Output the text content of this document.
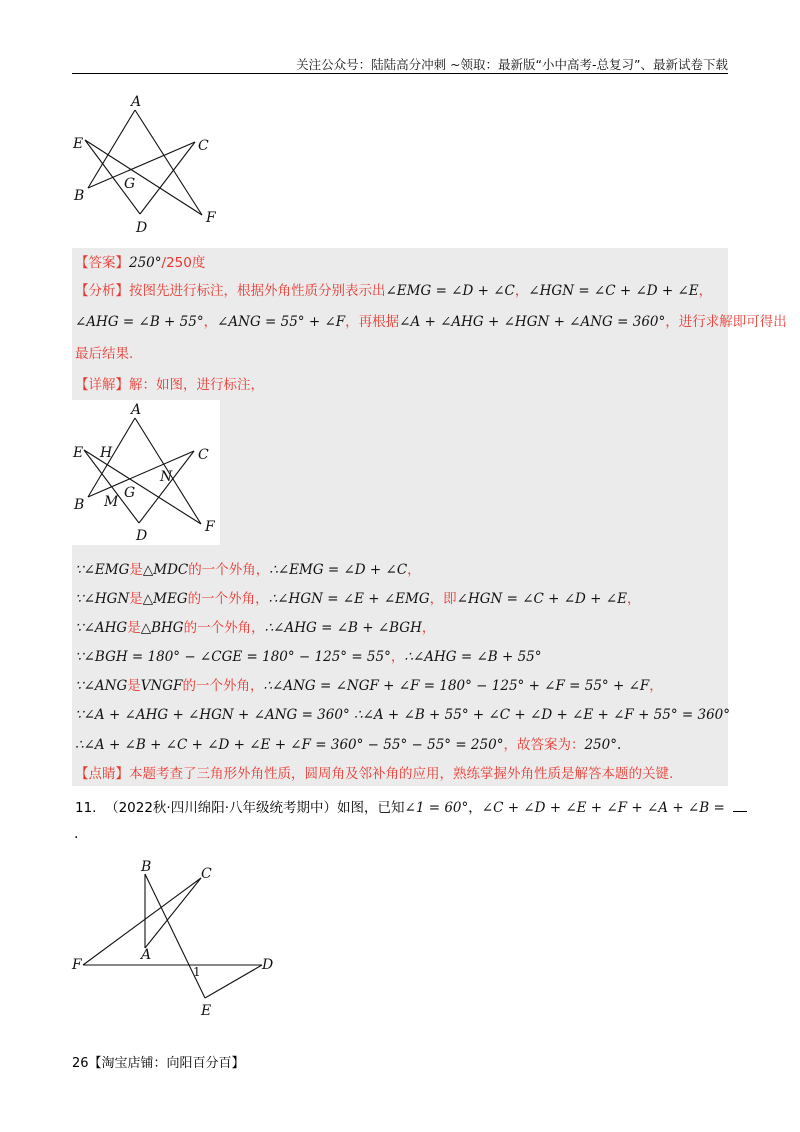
关注公众号：陆陆高分冲刺 ~领取：最新版“小中高考-总复习”、最新试卷下载
A
C
E
B
G
D
F
【答案】250°/250度
【分析】按图先进行标注，根据外角性质分别表示出∠EMG = ∠D + ∠C，∠HGN = ∠C + ∠D + ∠E，
∠AHG = ∠B + 55°，∠ANG = 55° + ∠F，再根据∠A + ∠AHG + ∠HGN + ∠ANG = 360°，进行求解即可得出
最后结果.
【详解】解：如图，进行标注，
A
E H	C
N
G
B M
D
F
∵∠EMG是△MDC的一个外角，∴∠EMG = ∠D + ∠C，
∵∠HGN是△MEG的一个外角，∴∠HGN = ∠E + ∠EMG，即∠HGN = ∠C + ∠D + ∠E，
∵∠AHG是△BHG的一个外角，∴∠AHG = ∠B + ∠BGH，
∵∠BGH = 180° − ∠CGE = 180° − 125° = 55°，∴∠AHG = ∠B + 55°
∵∠ANG是VNGF的一个外角，∴∠ANG = ∠NGF + ∠F = 180° − 125° + ∠F = 55° + ∠F，
∵∠A + ∠AHG + ∠HGN + ∠ANG = 360° ∴∠A + ∠B + 55° + ∠C + ∠D + ∠E + ∠F + 55° = 360°
∴∠A + ∠B + ∠C + ∠D + ∠E + ∠F = 360° − 55° − 55° = 250°，故答案为：250°.
【点睛】本题考查了三角形外角性质，圆周角及邻补角的应用，熟练掌握外角性质是解答本题的关键.
11. （2022秋·四川绵阳·八年级统考期中）如图，已知∠1 = 60°，∠C + ∠D + ∠E + ∠F + ∠A + ∠B =
.
B	C
A
F	D
E
1
26【淘宝店铺：向阳百分百】
